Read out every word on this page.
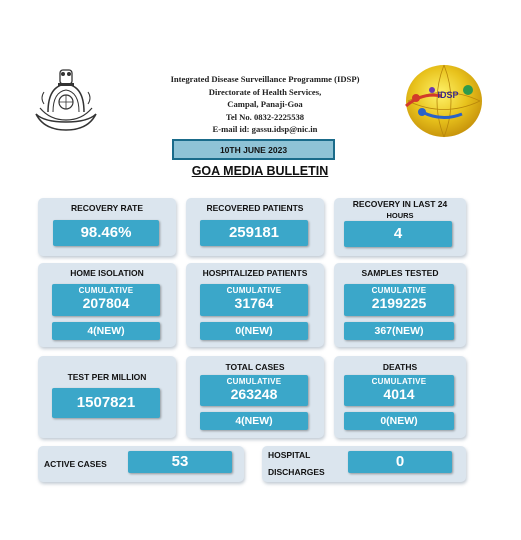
Integrated Disease Surveillance Programme (IDSP)
Directorate of Health Services,
Campal, Panaji-Goa
Tel No. 0832-2225538
E-mail id: gassu.idsp@nic.in
IDSP
10TH JUNE 2023
GOA MEDIA BULLETIN
RECOVERY RATE
98.46%
RECOVERED PATIENTS
259181
RECOVERY IN LAST 24
HOURS
4
HOME ISOLATION
CUMULATIVE
207804
4(NEW)
HOSPITALIZED PATIENTS
CUMULATIVE
31764
0(NEW)
SAMPLES TESTED
CUMULATIVE
2199225
367(NEW)
TEST PER MILLION
1507821
TOTAL CASES
CUMULATIVE
263248
4(NEW)
DEATHS
CUMULATIVE
4014
0(NEW)
ACTIVE CASES	53	HOSPITAL
DISCHARGES
0
